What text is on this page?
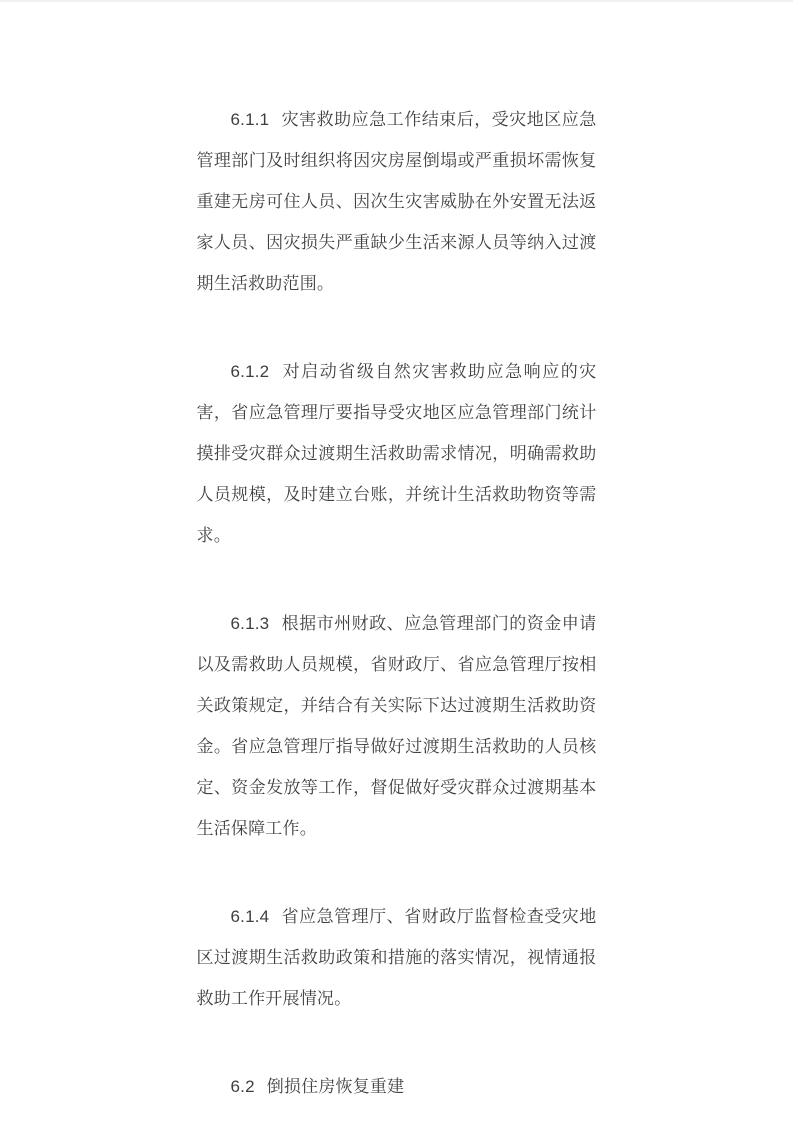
6.1.1 灾害救助应急工作结束后，受灾地区应急管理部门及时组织将因灾房屋倒塌或严重损坏需恢复重建无房可住人员、因次生灾害威胁在外安置无法返家人员、因灾损失严重缺少生活来源人员等纳入过渡期生活救助范围。

6.1.2 对启动省级自然灾害救助应急响应的灾害，省应急管理厅要指导受灾地区应急管理部门统计摸排受灾群众过渡期生活救助需求情况，明确需救助人员规模，及时建立台账，并统计生活救助物资等需求。

6.1.3 根据市州财政、应急管理部门的资金申请以及需救助人员规模，省财政厅、省应急管理厅按相关政策规定，并结合有关实际下达过渡期生活救助资金。省应急管理厅指导做好过渡期生活救助的人员核定、资金发放等工作，督促做好受灾群众过渡期基本生活保障工作。

6.1.4 省应急管理厅、省财政厅监督检查受灾地区过渡期生活救助政策和措施的落实情况，视情通报救助工作开展情况。

6.2 倒损住房恢复重建
